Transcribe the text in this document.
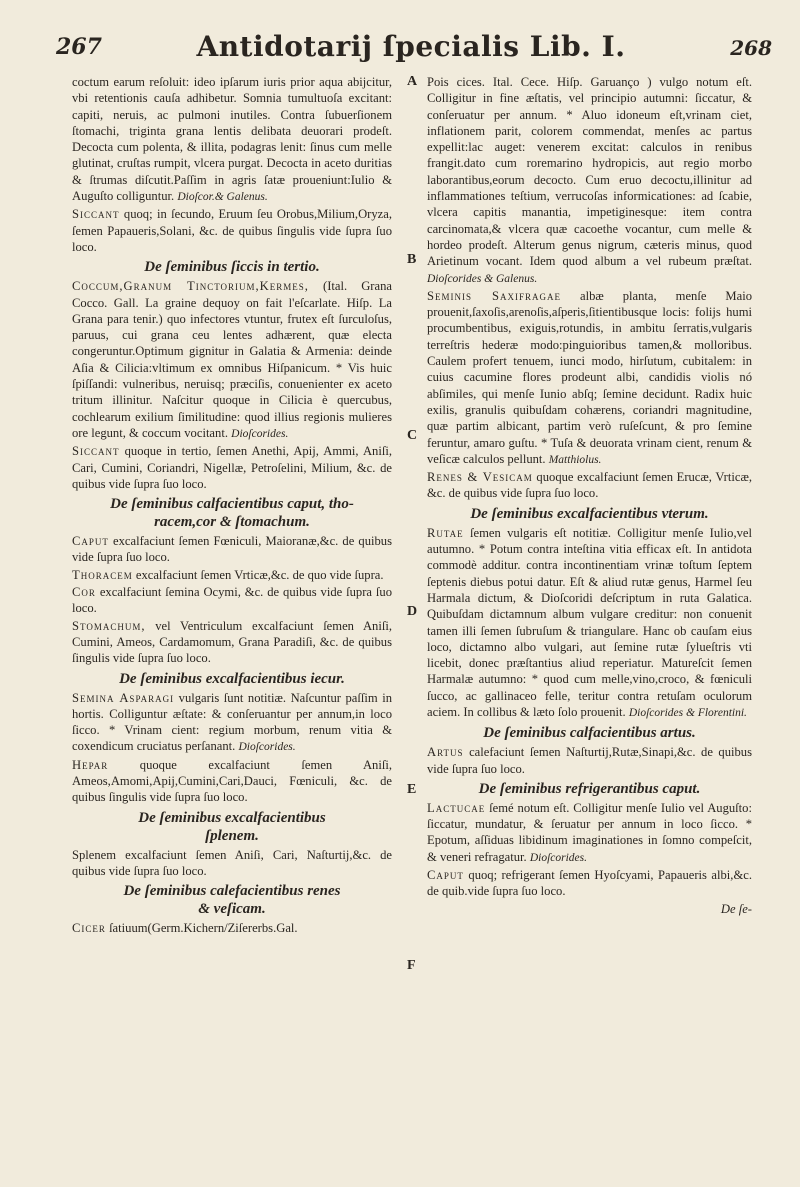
267	Antidotarij ſpecialis Lib. I.	268
A
B
C
D
E
F

coctum earum reſoluit: ideo ipſarum iuris prior aqua abijcitur, vbi retentionis cauſa adhibetur. Somnia tumultuoſa excitant: capiti, neruis, ac pulmoni inutiles. Contra ſubuerſionem ſtomachi, triginta grana lentis delibata deuorari prodeſt. Decocta cum polenta, & illita, podagras lenit: ſinus cum melle glutinat, cruſtas rumpit, vlcera purgat. Decocta in aceto duritias & ſtrumas diſcutit.Paſſim in agris ſatæ proueniunt:Iulio & Auguſto colliguntur. Dioſcor.& Galenus.

Siccant quoq; in ſecundo, Eruum ſeu Orobus,Milium,Oryza, ſemen Papaueris,Solani, &c. de quibus ſingulis vide ſupra ſuo loco.

De ſeminibus ſiccis in tertio.

Coccum,Granum Tinctorium,Kermes, (Ital. Grana Cocco. Gall. La graine dequoy on fait l'eſcarlate. Hiſp. La Grana para tenir.) quo infectores vtuntur, frutex eſt ſurculoſus, paruus, cui grana ceu lentes adhærent, quæ electa congeruntur.Optimum gignitur in Galatia & Armenia: deinde Aſia & Cilicia:vltimum ex omnibus Hiſpanicum. * Vis huic ſpiſſandi: vulneribus, neruisq; præciſis, conuenienter ex aceto tritum illinitur. Naſcitur quoque in Cilicia è quercubus, cochlearum exilium ſimilitudine: quod illius regionis mulieres ore legunt, & coccum vocitant. Dioſcorides.

Siccant quoque in tertio, ſemen Anethi, Apij, Ammi, Aniſi, Cari, Cumini, Coriandri, Nigellæ, Petroſelini, Milium, &c. de quibus vide ſupra ſuo loco.

De ſeminibus calfacientibus caput, tho-
racem,cor & ſtomachum.

Caput excalfaciunt ſemen Fœniculi, Maioranæ,&c. de quibus vide ſupra ſuo loco.

Thoracem excalfaciunt ſemen Vrticæ,&c. de quo vide ſupra.

Cor excalfaciunt ſemina Ocymi, &c. de quibus vide ſupra ſuo loco.

Stomachum, vel Ventriculum excalfaciunt ſemen Aniſi, Cumini, Ameos, Cardamomum, Grana Paradiſi, &c. de quibus ſingulis vide ſupra ſuo loco.

De ſeminibus excalfacientibus iecur.

Semina Asparagi vulgaris ſunt notitiæ. Naſcuntur paſſim in hortis. Colliguntur æſtate: & conſeruantur per annum,in loco ſicco. * Vrinam cient: regium morbum, renum vitia & coxendicum cruciatus perſanant. Dioſcorides.

Hepar	quoque excalfaciunt ſemen Aniſi, Ameos,Amomi,Apij,Cumini,Cari,Dauci, Fœniculi, &c. de quibus ſingulis vide ſupra ſuo loco.

De ſeminibus excalfacientibus
ſplenem.

Splenem excalfaciunt ſemen Aniſi, Cari, Naſturtij,&c. de quibus vide ſupra ſuo loco.

De ſeminibus calefacientibus renes
& veſicam.

Cicer ſatiuum(Germ.Kichern/Ziſererbs.Gal.

Pois cices. Ital. Cece. Hiſp. Garuanço ) vulgo notum eſt. Colligitur in fine æſtatis, vel principio autumni: ſiccatur, & conſeruatur per annum. * Aluo idoneum eſt,vrinam ciet, inflationem parit, colorem commendat, menſes ac partus expellit:lac auget: venerem excitat: calculos in renibus frangit.dato cum roremarino hydropicis, aut regio morbo laborantibus,eorum decocto. Cum eruo decoctu,illinitur ad inflammationes teſtium, verrucoſas informicationes: ad ſcabie, vlcera capitis manantia, impetiginesque: item contra carcinomata,& vlcera quæ cacoethe vocantur, cum melle & hordeo prodeſt. Alterum genus nigrum, cæteris minus, quod Arietinum vocant. Idem quod album a vel rubeum præſtat. Dioſcorides & Galenus.

Seminis Saxifragae albæ planta, menſe Maio prouenit,ſaxoſis,arenoſis,aſperis,ſitientibusque locis: folijs humi procumbentibus, exiguis,rotundis, in ambitu ſerratis,vulgaris terreſtris hederæ modo:pinguioribus tamen,& molloribus. Caulem profert tenuem, iunci modo, hirſutum, cubitalem: in cuius cacumine flores prodeunt albi, candidis violis nó abſimiles, qui menſe Iunio abſq; ſemine decidunt. Radix huic exilis, granulis quibuſdam cohærens, coriandri magnitudine, quæ partim albicant, partim verò ruſeſcunt, & pro ſemine feruntur, amaro guſtu. * Tuſa & deuorata vrinam cient, renum & veſicæ calculos pellunt. Matthiolus.

Renes & Vesicam quoque excalfaciunt ſemen Erucæ, Vrticæ, &c. de quibus vide ſupra ſuo loco.

De ſeminibus excalfacientibus vterum.

Rutae ſemen vulgaris eſt notitiæ. Colligitur menſe Iulio,vel autumno. * Potum contra inteſtina vitia efficax eſt. In antidota commodè additur. contra incontinentiam vrinæ toſtum ſeptem ſeptenis diebus potui datur. Eſt & aliud rutæ genus, Harmel ſeu Harmala dictum, & Dioſcoridi deſcriptum in ruta Galatica. Quibuſdam dictamnum album vulgare creditur: non conuenit tamen illi ſemen ſubruſum & triangulare. Hanc ob cauſam eius loco, dictamno albo vulgari, aut ſemine rutæ ſylueſtris vti licebit, donec præſtantius aliud reperiatur. Matureſcit ſemen Harmalæ autumno: * quod cum melle,vino,croco, & fœniculi ſucco, ac gallinaceo felle, teritur contra retuſam oculorum aciem. In collibus & læto ſolo prouenit. Dioſcorides & Florentini.

De ſeminibus calfacientibus artus.

Artus calefaciunt ſemen Naſturtij,Rutæ,Sinapi,&c. de quibus vide ſupra ſuo loco.

De ſeminibus refrigerantibus caput.

Lactucae ſemé notum eſt. Colligitur menſe Iulio vel Auguſto: ſiccatur, mundatur, & ſeruatur per annum in loco ſicco. * Epotum, aſſiduas libidinum imaginationes in ſomno compeſcit, & veneri refragatur. Dioſcorides.

Caput quoq; refrigerant ſemen Hyoſcyami, Papaueris albi,&c. de quib.vide ſupra ſuo loco.

De ſe-
